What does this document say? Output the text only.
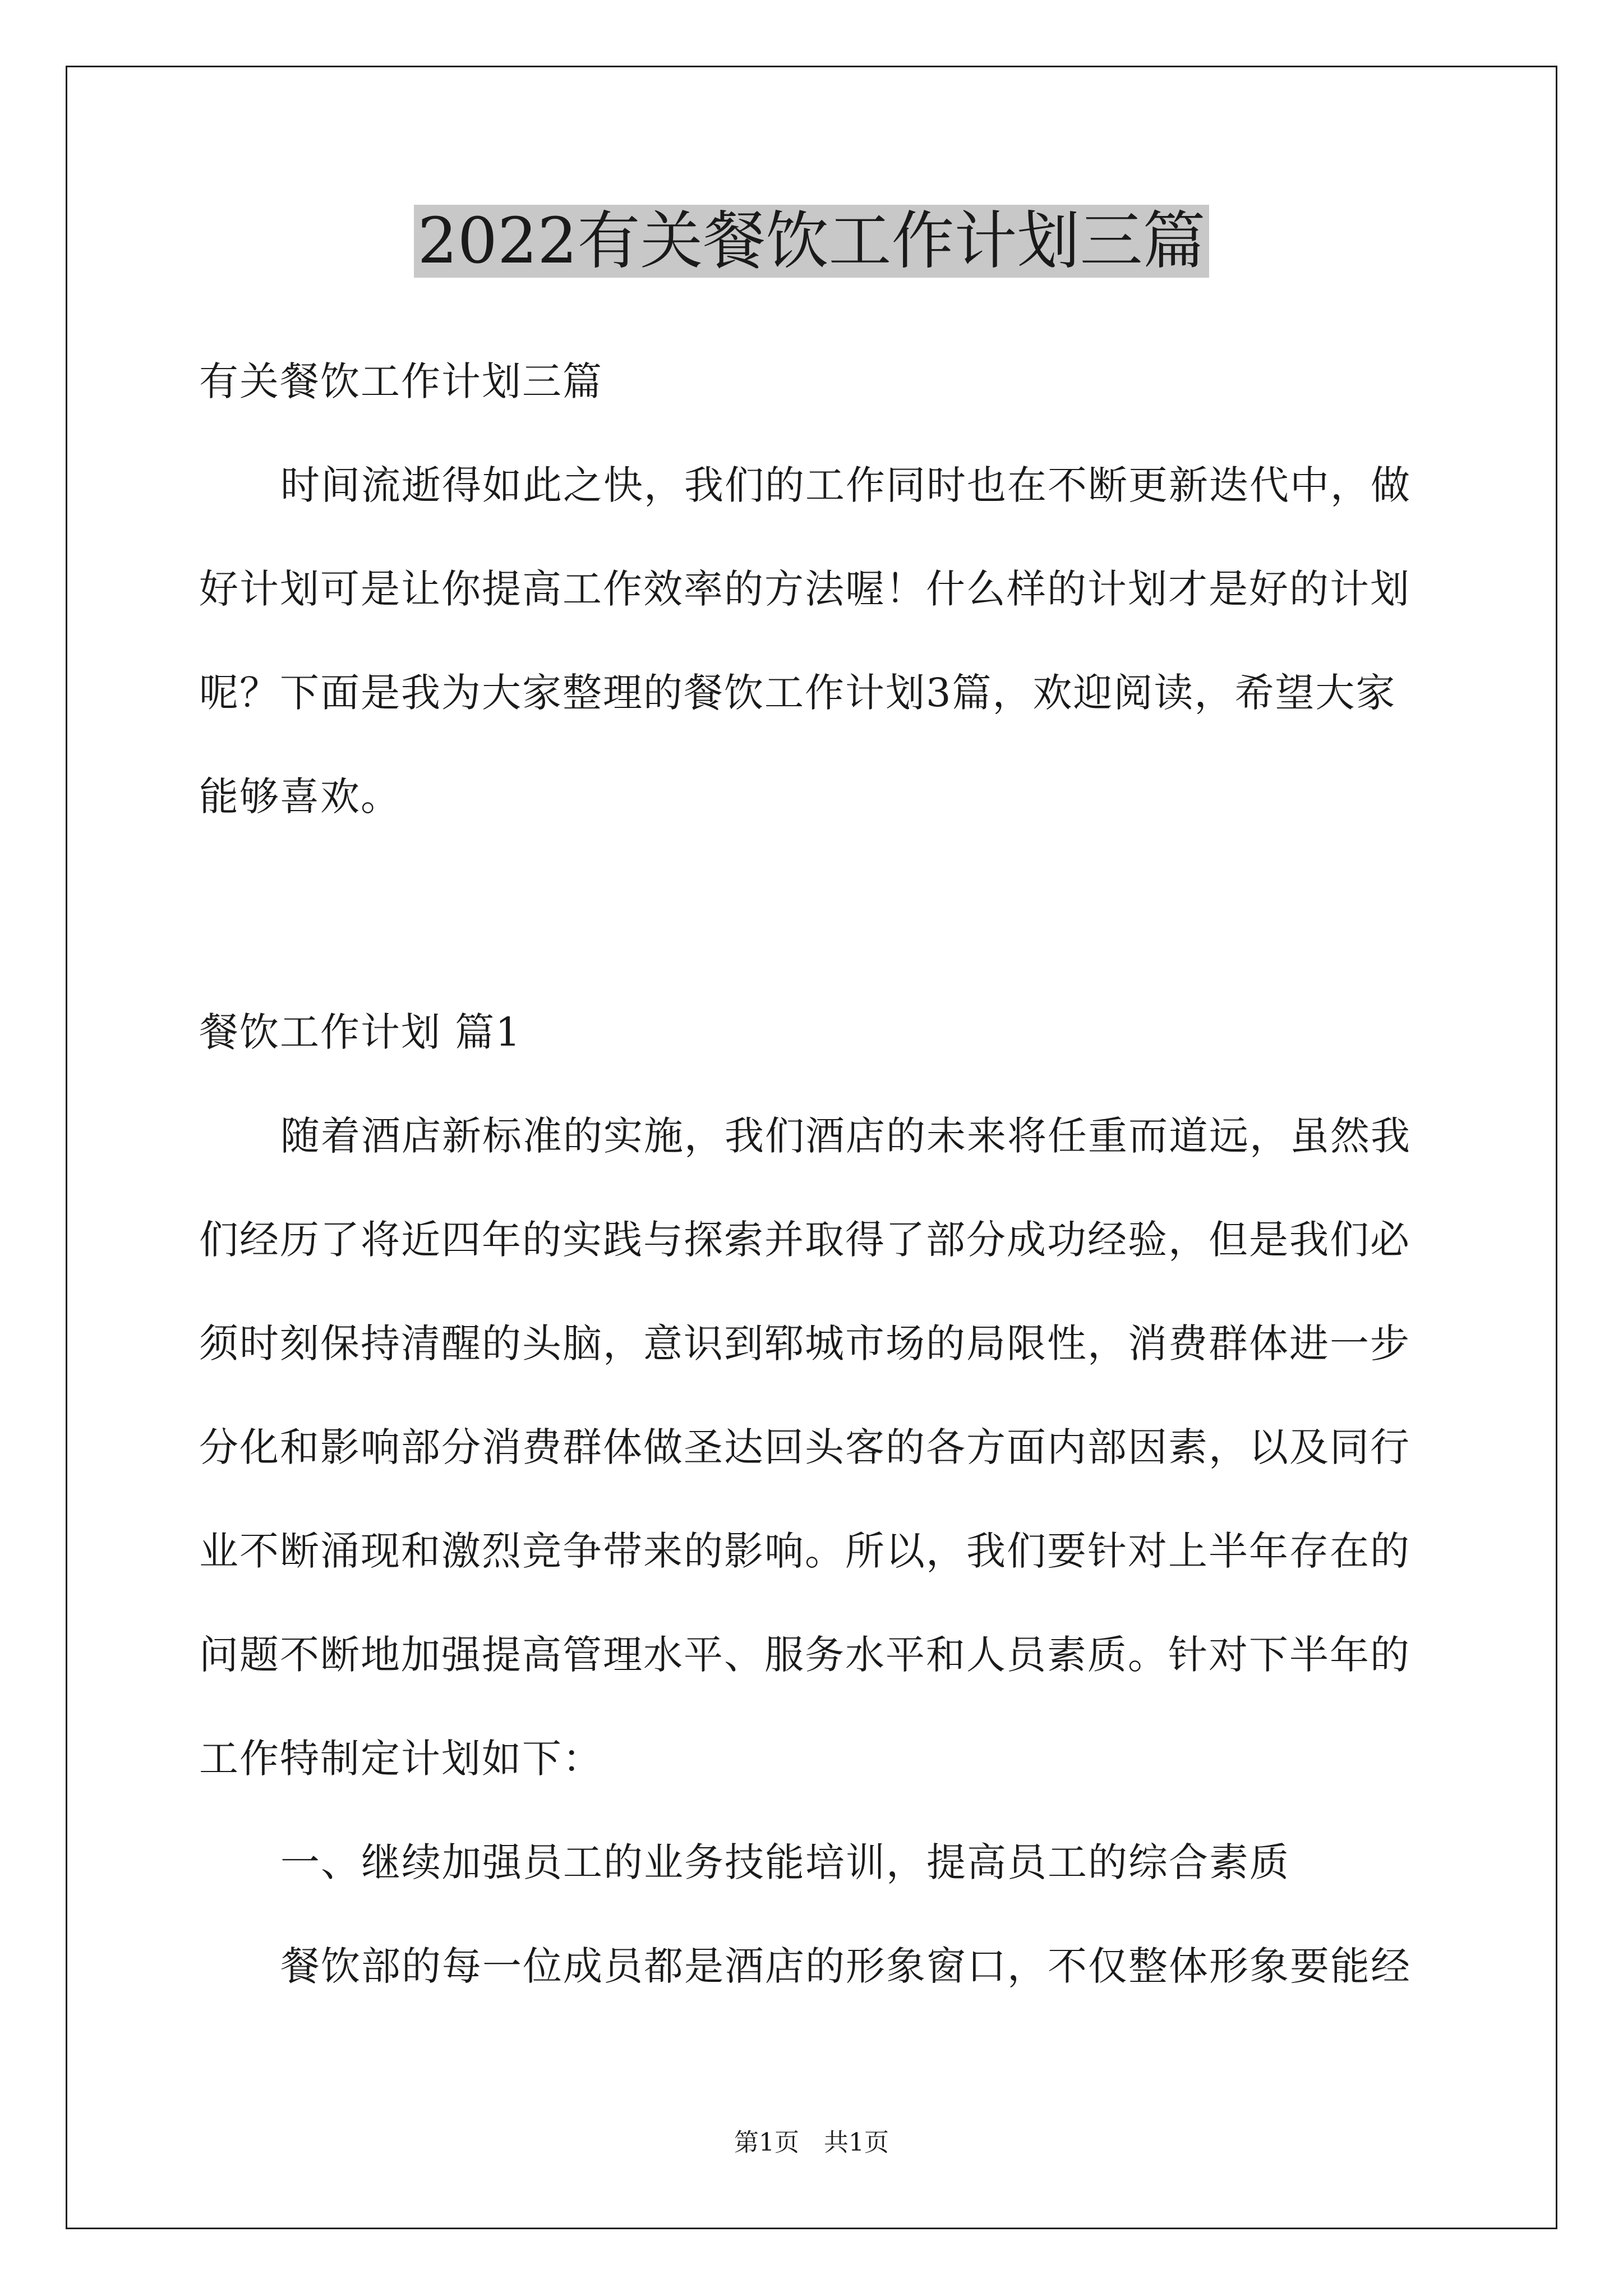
2022有关餐饮工作计划三篇
有关餐饮工作计划三篇
时间流逝得如此之快，我们的工作同时也在不断更新迭代中，做
好计划可是让你提高工作效率的方法喔！什么样的计划才是好的计划
呢？下面是我为大家整理的餐饮工作计划3篇，欢迎阅读，希望大家
能够喜欢。
餐饮工作计划 篇1
随着酒店新标准的实施，我们酒店的未来将任重而道远，虽然我
们经历了将近四年的实践与探索并取得了部分成功经验，但是我们必
须时刻保持清醒的头脑，意识到郓城市场的局限性，消费群体进一步
分化和影响部分消费群体做圣达回头客的各方面内部因素，以及同行
业不断涌现和激烈竞争带来的影响。所以，我们要针对上半年存在的
问题不断地加强提高管理水平、服务水平和人员素质。针对下半年的
工作特制定计划如下：
一、继续加强员工的业务技能培训，提高员工的综合素质
餐饮部的每一位成员都是酒店的形象窗口，不仅整体形象要能经
第1页　共1页
